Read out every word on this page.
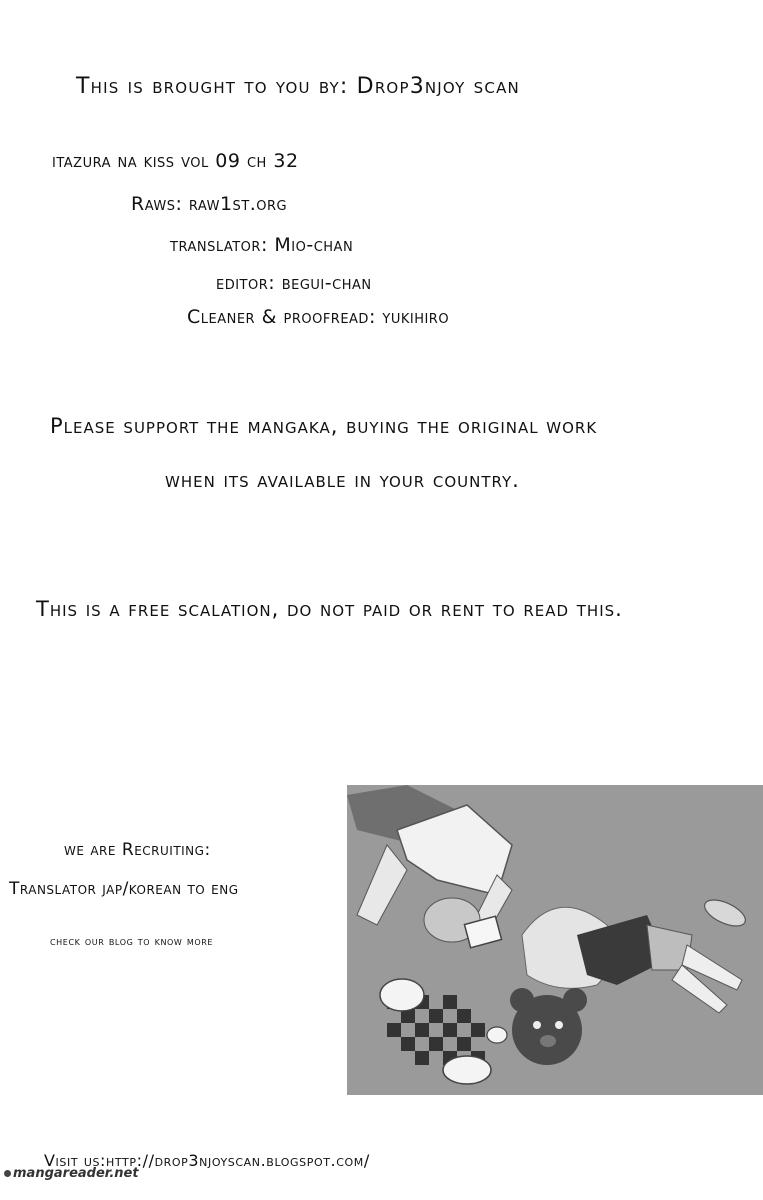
This is brought to you by: Drop3njoy scan
itazura na kiss vol 09 ch 32
Raws: raw1st.org
translator: Mio-chan
editor: begui-chan
Cleaner & proofread: yukihiro
Please support the mangaka, buying the original work
when its available in your country.
This is a free scalation, do not paid or rent to read this.
we are Recruiting:
Translator jap/korean to eng
check our blog to know more
Visit us:http://drop3njoyscan.blogspot.com/
mangareader.net
